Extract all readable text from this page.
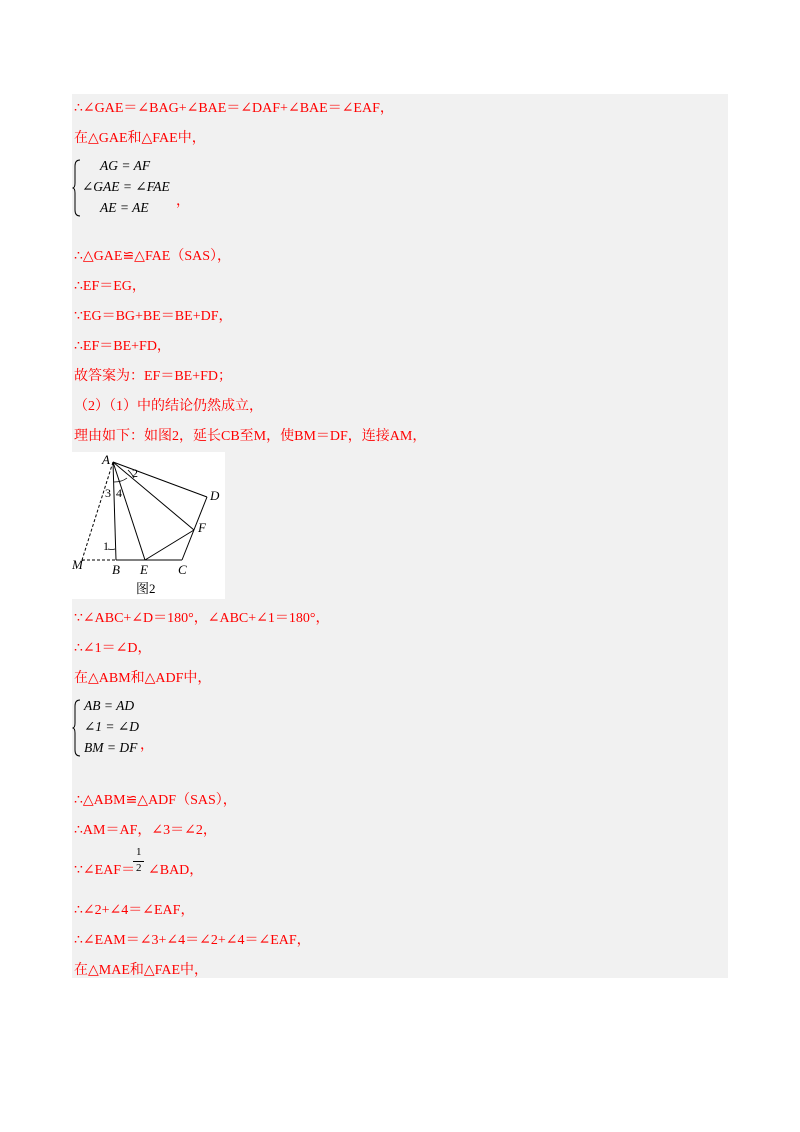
∴∠GAE＝∠BAG+∠BAE＝∠DAF+∠BAE＝∠EAF，
在△GAE和△FAE中，
AG = AF
∠GAE = ∠FAE
AE = AE ，
∴△GAE≌△FAE（SAS），
∴EF＝EG，
∵EG＝BG+BE＝BE+DF，
∴EF＝BE+FD，
故答案为：EF＝BE+FD；
（2）（1）中的结论仍然成立，
理由如下：如图2，延长CB至M，使BM＝DF，连接AM，
A
D
F
M B E C
1
2
3 4
图2
∵∠ABC+∠D＝180°，∠ABC+∠1＝180°，
∴∠1＝∠D，
在△ABM和△ADF中，
AB = AD
∠1 = ∠D
BM = DF ，
∴△ABM≌△ADF（SAS），
∴AM＝AF，∠3＝∠2，
∵∠EAF＝
1
2 ∠BAD，
∴∠2+∠4＝∠EAF，
∴∠EAM＝∠3+∠4＝∠2+∠4＝∠EAF，
在△MAE和△FAE中，
